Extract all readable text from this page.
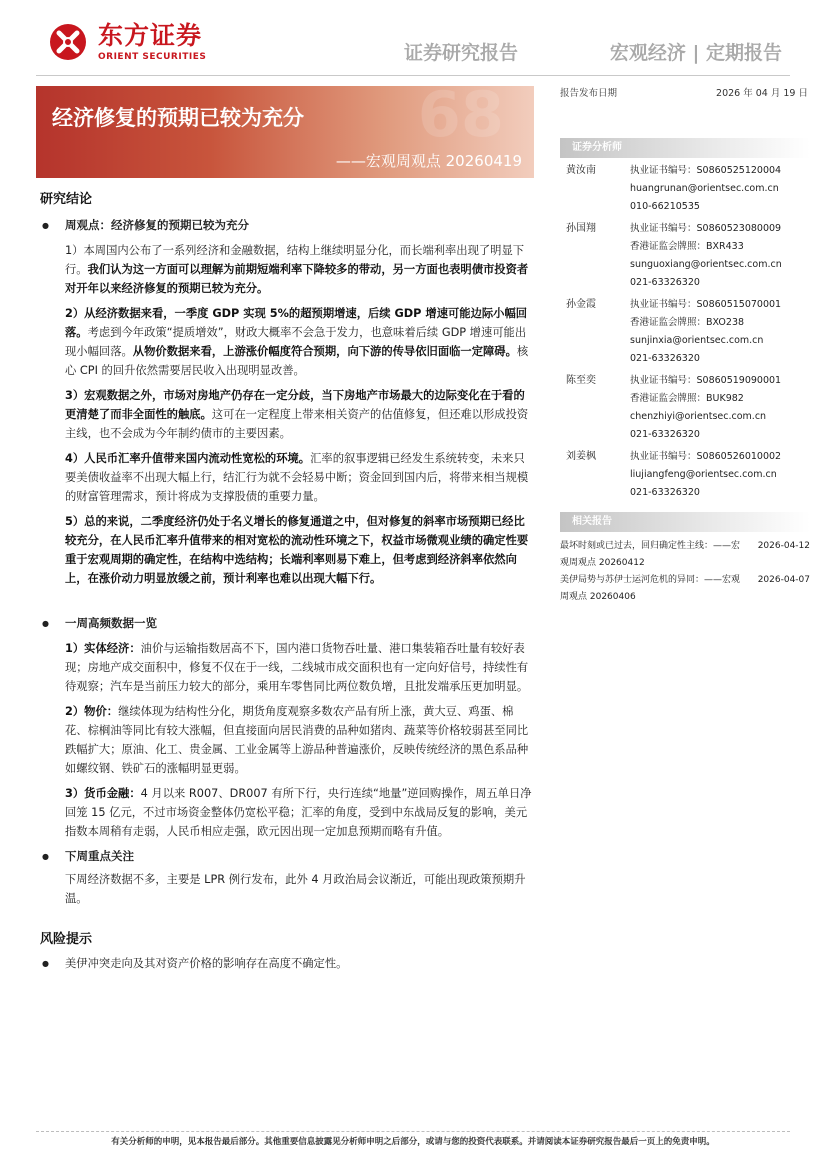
东方证券
ORIENT SECURITIES	证券研究报告	宏观经济 | 定期报告
68
经济修复的预期已较为充分
——宏观周观点 20260419
研究结论
● 周观点：经济修复的预期已较为充分

1）本周国内公布了一系列经济和金融数据，结构上继续明显分化，而长端利率出现了明显下行。我们认为这一方面可以理解为前期短端利率下降较多的带动，另一方面也表明债市投资者对开年以来经济修复的预期已较为充分。

2）从经济数据来看，一季度 GDP 实现 5%的超预期增速，后续 GDP 增速可能边际小幅回落。考虑到今年政策“提质增效”，财政大概率不会急于发力，也意味着后续 GDP 增速可能出现小幅回落。从物价数据来看，上游涨价幅度符合预期，向下游的传导依旧面临一定障碍。核心 CPI 的回升依然需要居民收入出现明显改善。

3）宏观数据之外，市场对房地产仍存在一定分歧，当下房地产市场最大的边际变化在于看的更清楚了而非全面性的触底。这可在一定程度上带来相关资产的估值修复，但还难以形成投资主线，也不会成为今年制约债市的主要因素。

4）人民币汇率升值带来国内流动性宽松的环境。汇率的叙事逻辑已经发生系统转变，未来只要美债收益率不出现大幅上行，结汇行为就不会轻易中断；资金回到国内后，将带来相当规模的财富管理需求，预计将成为支撑股债的重要力量。

5）总的来说，二季度经济仍处于名义增长的修复通道之中，但对修复的斜率市场预期已经比较充分，在人民币汇率升值带来的相对宽松的流动性环境之下，权益市场微观业绩的确定性要重于宏观周期的确定性，在结构中选结构；长端利率则易下难上，但考虑到经济斜率依然向上，在涨价动力明显放缓之前，预计利率也难以出现大幅下行。

● 一周高频数据一览

1）实体经济：油价与运输指数居高不下，国内港口货物吞吐量、港口集装箱吞吐量有较好表现；房地产成交面积中，修复不仅在于一线，二线城市成交面积也有一定向好信号，持续性有待观察；汽车是当前压力较大的部分，乘用车零售同比两位数负增，且批发端承压更加明显。

2）物价：继续体现为结构性分化，期货角度观察多数农产品有所上涨，黄大豆、鸡蛋、棉花、棕榈油等同比有较大涨幅，但直接面向居民消费的品种如猪肉、蔬菜等价格较弱甚至同比跌幅扩大；原油、化工、贵金属、工业金属等上游品种普遍涨价，反映传统经济的黑色系品种如螺纹钢、铁矿石的涨幅明显更弱。

3）货币金融：4 月以来 R007、DR007 有所下行，央行连续“地量”逆回购操作，周五单日净回笼 15 亿元，不过市场资金整体仍宽松平稳；汇率的角度，受到中东战局反复的影响，美元指数本周稍有走弱，人民币相应走强，欧元因出现一定加息预期而略有升值。

● 下周重点关注

下周经济数据不多，主要是 LPR 例行发布，此外 4 月政治局会议渐近，可能出现政策预期升温。

风险提示

● 美伊冲突走向及其对资产价格的影响存在高度不确定性。

报告发布日期	2026 年 04 月 19 日
证券分析师
黄汝南	执业证书编号：S0860525120004
huangrunan@orientsec.com.cn
010-66210535
孙国翔	执业证书编号：S0860523080009
香港证监会牌照：BXR433
sunguoxiang@orientsec.com.cn
021-63326320
孙金霞	执业证书编号：S0860515070001
香港证监会牌照：BXO238
sunjinxia@orientsec.com.cn
021-63326320
陈至奕	执业证书编号：S0860519090001
香港证监会牌照：BUK982
chenzhiyi@orientsec.com.cn
021-63326320
刘姜枫	执业证书编号：S0860526010002
liujiangfeng@orientsec.com.cn
021-63326320
相关报告
最坏时刻或已过去，回归确定性主线：——宏观周观点 20260412
2026-04-12
美伊局势与苏伊士运河危机的异同：——宏观周观点 20260406
2026-04-07
有关分析师的申明，见本报告最后部分。其他重要信息披露见分析师申明之后部分，或请与您的投资代表联系。并请阅读本证券研究报告最后一页上的免责申明。
